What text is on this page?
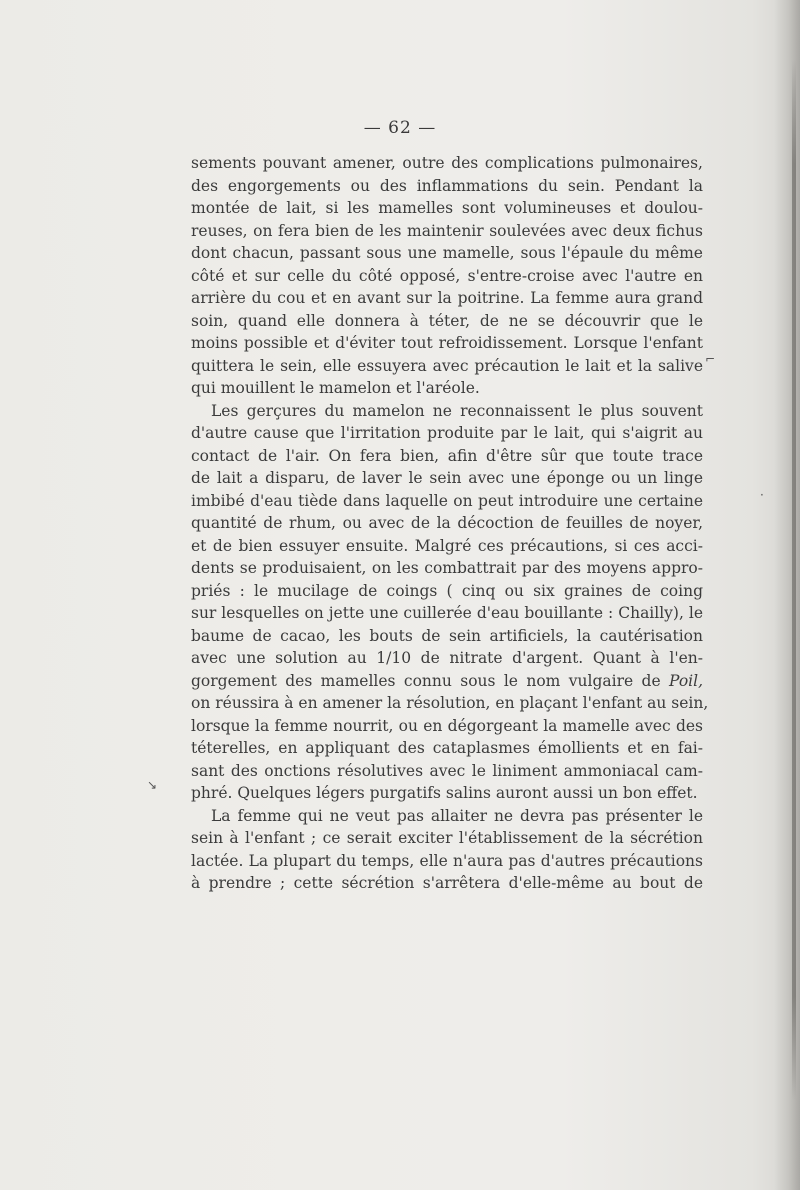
— 62 —
sements pouvant amener, outre des complications pulmonaires,
des engorgements ou des inflammations du sein. Pendant la
montée de lait, si les mamelles sont volumineuses et doulou-
reuses, on fera bien de les maintenir soulevées avec deux fichus
dont chacun, passant sous une mamelle, sous l'épaule du même
côté et sur celle du côté opposé, s'entre-croise avec l'autre en
arrière du cou et en avant sur la poitrine. La femme aura grand
soin, quand elle donnera à téter, de ne se découvrir que le
moins possible et d'éviter tout refroidissement. Lorsque l'enfant
quittera le sein, elle essuyera avec précaution le lait et la salive
qui mouillent le mamelon et l'aréole.
Les gerçures du mamelon ne reconnaissent le plus souvent
d'autre cause que l'irritation produite par le lait, qui s'aigrit au
contact de l'air. On fera bien, afin d'être sûr que toute trace
de lait a disparu, de laver le sein avec une éponge ou un linge
imbibé d'eau tiède dans laquelle on peut introduire une certaine
quantité de rhum, ou avec de la décoction de feuilles de noyer,
et de bien essuyer ensuite. Malgré ces précautions, si ces acci-
dents se produisaient, on les combattrait par des moyens appro-
priés : le mucilage de coings ( cinq ou six graines de coing
sur lesquelles on jette une cuillerée d'eau bouillante : Chailly), le
baume de cacao, les bouts de sein artificiels, la cautérisation
avec une solution au 1/10 de nitrate d'argent. Quant à l'en-
gorgement des mamelles connu sous le nom vulgaire de Poil,
on réussira à en amener la résolution, en plaçant l'enfant au sein,
lorsque la femme nourrit, ou en dégorgeant la mamelle avec des
téterelles, en appliquant des cataplasmes émollients et en fai-
sant des onctions résolutives avec le liniment ammoniacal cam-
phré. Quelques légers purgatifs salins auront aussi un bon effet.
La femme qui ne veut pas allaiter ne devra pas présenter le
sein à l'enfant ; ce serait exciter l'établissement de la sécrétion
lactée. La plupart du temps, elle n'aura pas d'autres précautions
à prendre ; cette sécrétion s'arrêtera d'elle-même au bout de
⌐
·
↘
